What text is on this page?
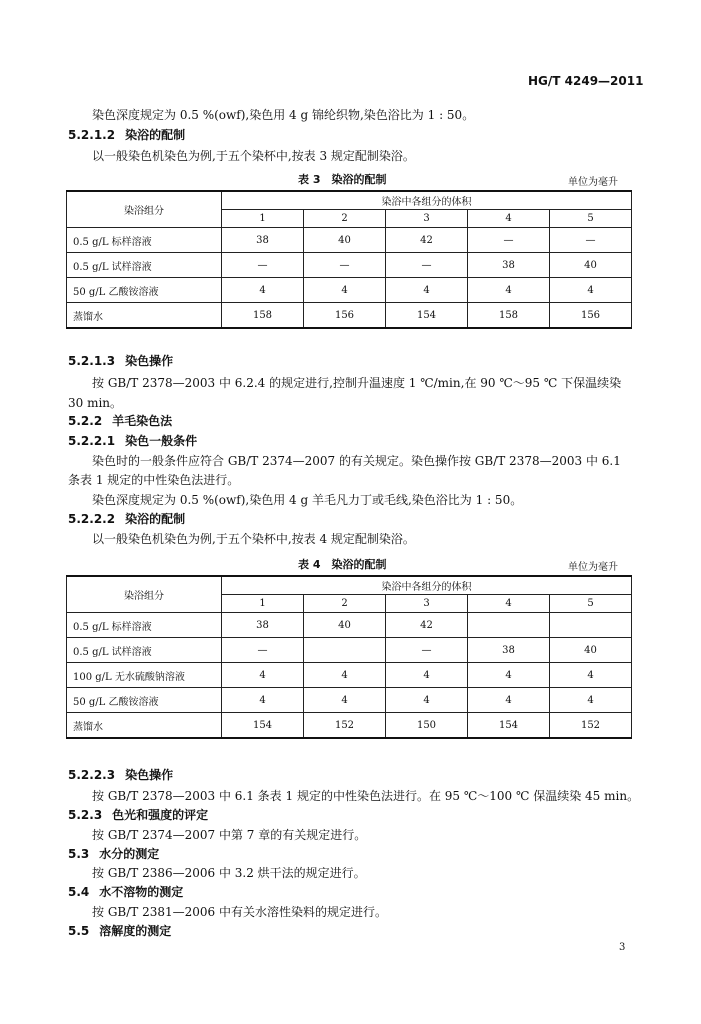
HG/T 4249—2011
染色深度规定为 0.5 %(owf),染色用 4 g 锦纶织物,染色浴比为 1 : 50。
5.2.1.2 染浴的配制
以一般染色机染色为例,于五个染杯中,按表 3 规定配制染浴。
表 3　染浴的配制	单位为毫升
染浴组分	染浴中各组分的体积				
	1	2	3	4	5
0.5 g/L 标样溶液	38	40	42	—	—
0.5 g/L 试样溶液	—	—	—	38	40
50 g/L 乙酸铵溶液	4	4	4	4	4
蒸馏水	158	156	154	158	156
5.2.1.3 染色操作
按 GB/T 2378—2003 中 6.2.4 的规定进行,控制升温速度 1 ℃/min,在 90 ℃～95 ℃ 下保温续染
30 min。
5.2.2 羊毛染色法
5.2.2.1 染色一般条件
染色时的一般条件应符合 GB/T 2374—2007 的有关规定。染色操作按 GB/T 2378—2003 中 6.1
条表 1 规定的中性染色法进行。
染色深度规定为 0.5 %(owf),染色用 4 g 羊毛凡力丁或毛线,染色浴比为 1 : 50。
5.2.2.2 染浴的配制
以一般染色机染色为例,于五个染杯中,按表 4 规定配制染浴。
表 4　染浴的配制	单位为毫升
染浴组分	染浴中各组分的体积				
	1	2	3	4	5
0.5 g/L 标样溶液	38	40	42		
0.5 g/L 试样溶液	—		—	38	40
100 g/L 无水硫酸钠溶液	4	4	4	4	4
50 g/L 乙酸铵溶液	4	4	4	4	4
蒸馏水	154	152	150	154	152
5.2.2.3 染色操作
按 GB/T 2378—2003 中 6.1 条表 1 规定的中性染色法进行。在 95 ℃～100 ℃ 保温续染 45 min。
5.2.3 色光和强度的评定
按 GB/T 2374—2007 中第 7 章的有关规定进行。
5.3 水分的测定
按 GB/T 2386—2006 中 3.2 烘干法的规定进行。
5.4 水不溶物的测定
按 GB/T 2381—2006 中有关水溶性染料的规定进行。
5.5 溶解度的测定
3
